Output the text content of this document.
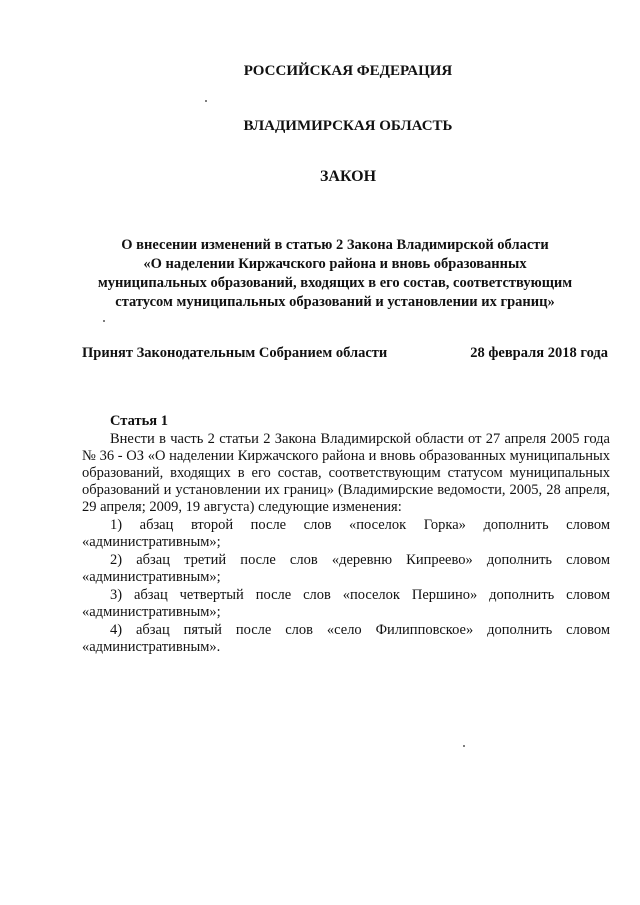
РОССИЙСКАЯ ФЕДЕРАЦИЯ
ВЛАДИМИРСКАЯ ОБЛАСТЬ
ЗАКОН
О внесении изменений в статью 2 Закона Владимирской области
«О наделении Киржачского района и вновь образованных
муниципальных образований, входящих в его состав, соответствующим
статусом муниципальных образований и установлении их границ»
Принят Законодательным Собранием области	28 февраля 2018 года
Статья 1

Внести в часть 2 статьи 2 Закона Владимирской области от 27 апреля 2005 года № 36 - ОЗ «О наделении Киржачского района и вновь образованных муниципальных образований, входящих в его состав, соответствующим статусом муниципальных образований и установлении их границ» (Владимирские ведомости, 2005, 28 апреля, 29 апреля; 2009, 19 августа) следующие изменения:

1) абзац второй после слов «поселок Горка» дополнить словом «административным»;

2) абзац третий после слов «деревню Кипреево» дополнить словом «административным»;

3) абзац четвертый после слов «поселок Першино» дополнить словом «административным»;

4) абзац пятый после слов «село Филипповское» дополнить словом «административным».
